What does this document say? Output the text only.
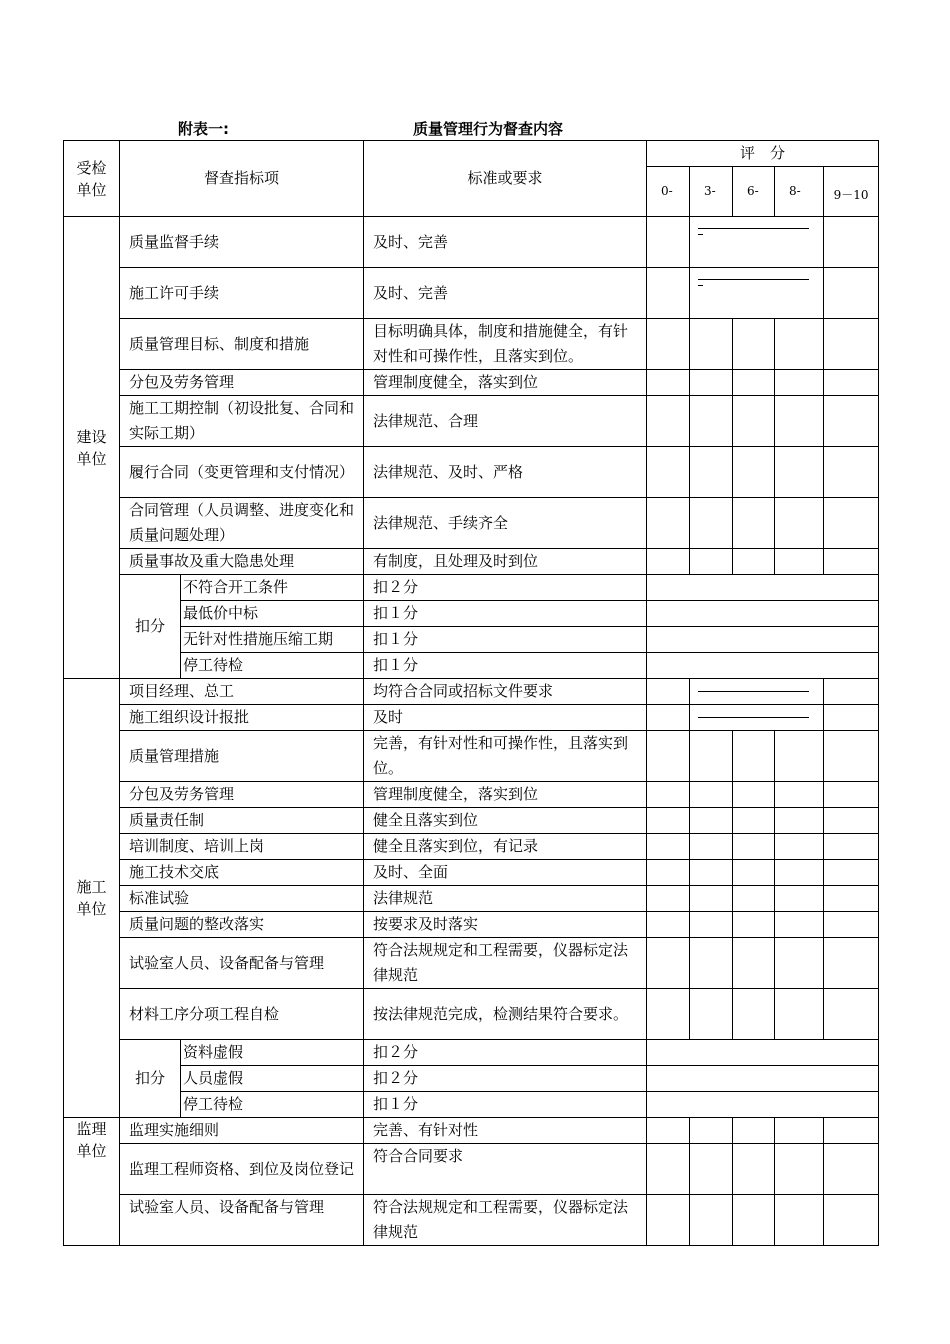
附表一:	质量管理行为督查内容
受检
单位	督查指标项		标准或要求	评　分				
				0-	3-	6-	8-	9－10
建设
单位	质量监督手续		及时、完善				

	施工许可手续		及时、完善				

	质量管理目标、制度和措施		目标明确具体，制度和措施健全，有针对性和可操作性，且落实到位。					
	分包及劳务管理		管理制度健全，落实到位					
	施工工期控制（初设批复、合同和实际工期）		法律规范、合理					
	履行合同（变更管理和支付情况）		法律规范、及时、严格					
	合同管理（人员调整、进度变化和质量问题处理）		法律规范、手续齐全					
	质量事故及重大隐患处理		有制度，且处理及时到位					
	扣分	不符合开工条件	扣２分					
		最低价中标	扣１分					
		无针对性措施压缩工期	扣１分					
		停工待检	扣１分					
施工
单位	项目经理、总工		均符合合同或招标文件要求				

	施工组织设计报批		及时				

	质量管理措施		完善，有针对性和可操作性，且落实到位。					
	分包及劳务管理		管理制度健全，落实到位					
	质量责任制		健全且落实到位					
	培训制度、培训上岗		健全且落实到位，有记录					
	施工技术交底		及时、全面					
	标准试验		法律规范					
	质量问题的整改落实		按要求及时落实					
	试验室人员、设备配备与管理		符合法规规定和工程需要，仪器标定法律规范					
	材料工序分项工程自检		按法律规范完成，检测结果符合要求。					
	扣分	资料虚假	扣２分					
		人员虚假	扣２分					
		停工待检	扣１分					
监理
单位	监理实施细则		完善、有针对性					
	监理工程师资格、到位及岗位登记		符合合同要求					
	试验室人员、设备配备与管理		符合法规规定和工程需要，仪器标定法律规范					
